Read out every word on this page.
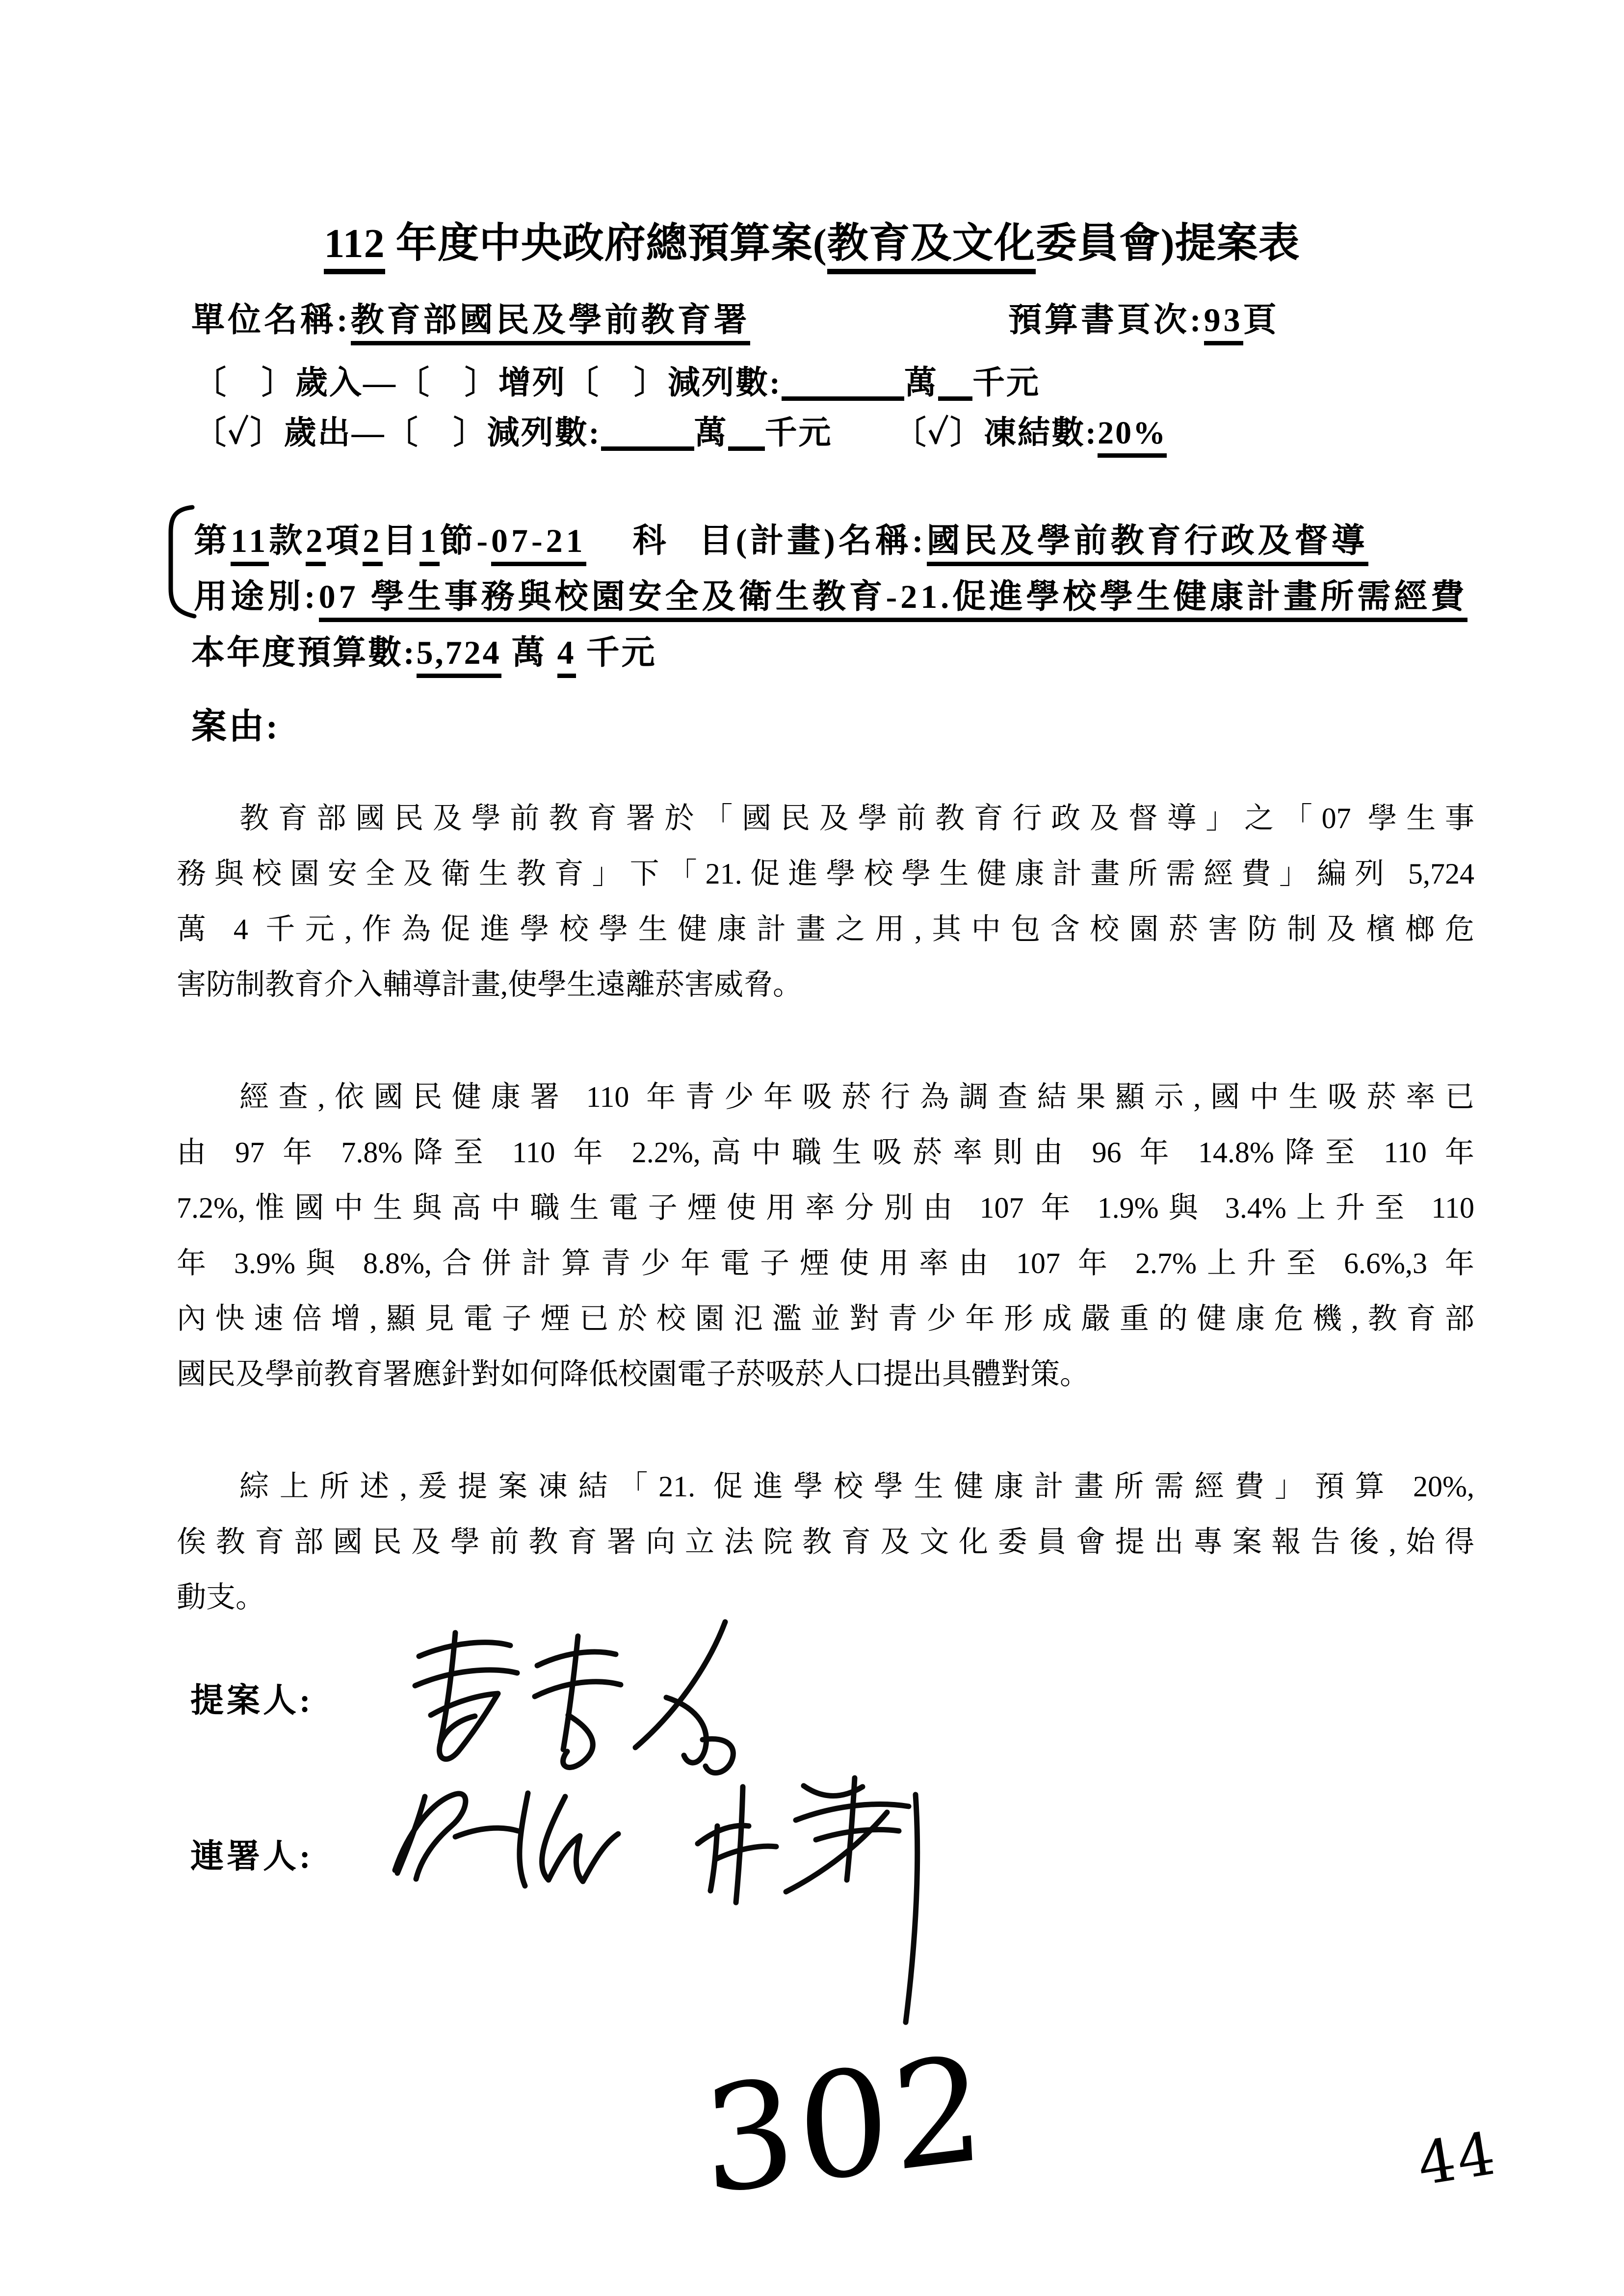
112 年度中央政府總預算案(教育及文化委員會)提案表
單位名稱:教育部國民及學前教育署	預算書頁次:93頁
〔　〕歲入—〔　〕增列〔　〕減列數:	萬 千元
〔✓〕歲出—〔　〕減列數:	萬 千元 〔✓〕凍結數:20%
第11款2項2目1節-07-21 科 目(計畫)名稱:國民及學前教育行政及督導
用途別:07 學生事務與校園安全及衛生教育-21.促進學校學生健康計畫所需經費
本年度預算數:5,724 萬 4 千元
案由:
教育部國民及學前教育署於「國民及學前教育行政及督導」之「07 學生事
務與校園安全及衛生教育」下「21.促進學校學生健康計畫所需經費」編列 5,724
萬 4 千元,作為促進學校學生健康計畫之用,其中包含校園菸害防制及檳榔危
害防制教育介入輔導計畫,使學生遠離菸害威脅。
經查,依國民健康署 110 年青少年吸菸行為調查結果顯示,國中生吸菸率已
由 97 年 7.8%降至 110 年 2.2%,高中職生吸菸率則由 96 年 14.8%降至 110 年
7.2%,惟國中生與高中職生電子煙使用率分別由 107 年 1.9%與 3.4%上升至 110
年 3.9%與 8.8%,合併計算青少年電子煙使用率由 107 年 2.7%上升至 6.6%,3 年
內快速倍增,顯見電子煙已於校園氾濫並對青少年形成嚴重的健康危機,教育部
國民及學前教育署應針對如何降低校園電子菸吸菸人口提出具體對策。
綜上所述,爰提案凍結「21. 促進學校學生健康計畫所需經費」預算 20%,
俟教育部國民及學前教育署向立法院教育及文化委員會提出專案報告後,始得
動支。
提案人:
連署人:
302	44
